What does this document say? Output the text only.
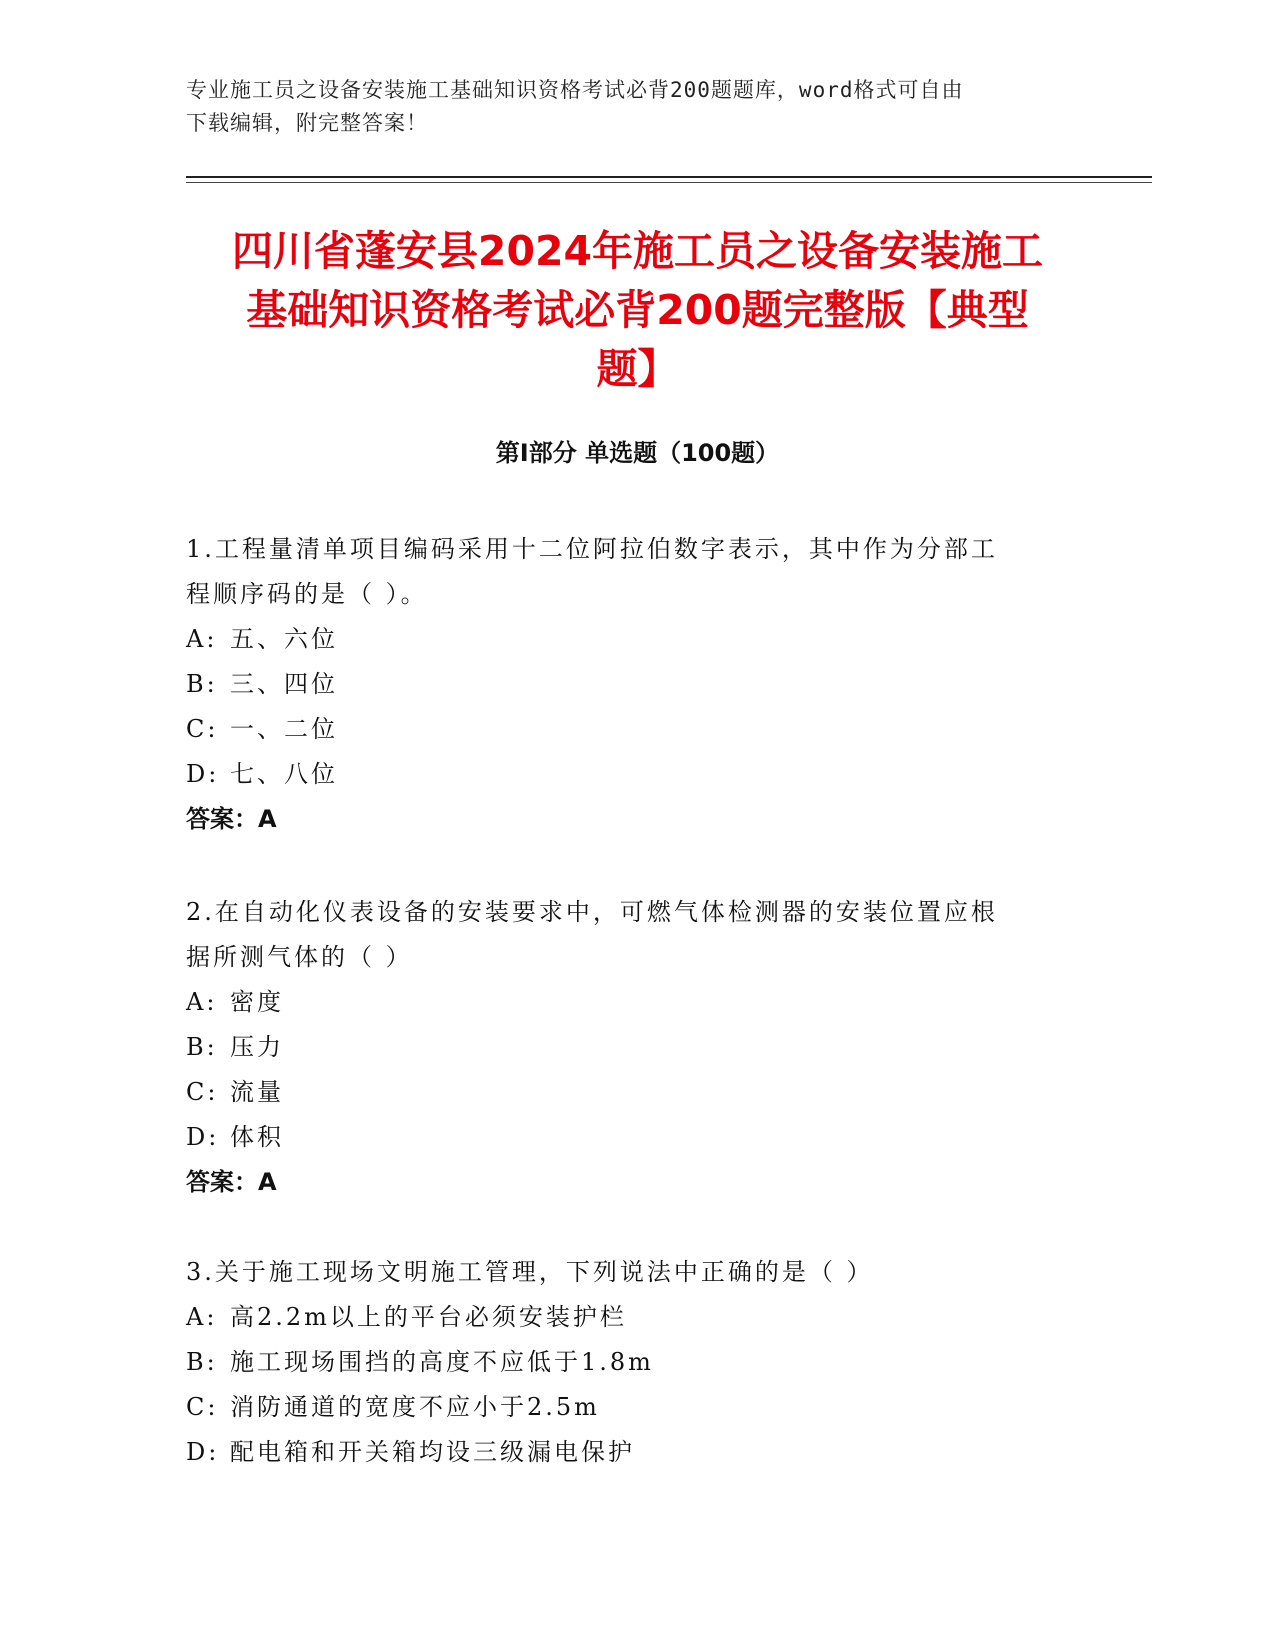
专业施工员之设备安装施工基础知识资格考试必背200题题库，word格式可自由
下载编辑，附完整答案！
四川省蓬安县2024年施工员之设备安装施工
基础知识资格考试必背200题完整版【典型
题】
第Ⅰ部分 单选题（100题）

1.工程量清单项目编码采用十二位阿拉伯数字表示，其中作为分部工

程顺序码的是（ ）。

A: 五、六位

B: 三、四位

C: 一、二位

D: 七、八位

答案：A

2.在自动化仪表设备的安装要求中，可燃气体检测器的安装位置应根

据所测气体的（ ）

A: 密度

B: 压力

C: 流量

D: 体积

答案：A

3.关于施工现场文明施工管理，下列说法中正确的是（ ）

A: 高2.2m以上的平台必须安装护栏

B: 施工现场围挡的高度不应低于1.8m

C: 消防通道的宽度不应小于2.5m

D: 配电箱和开关箱均设三级漏电保护
